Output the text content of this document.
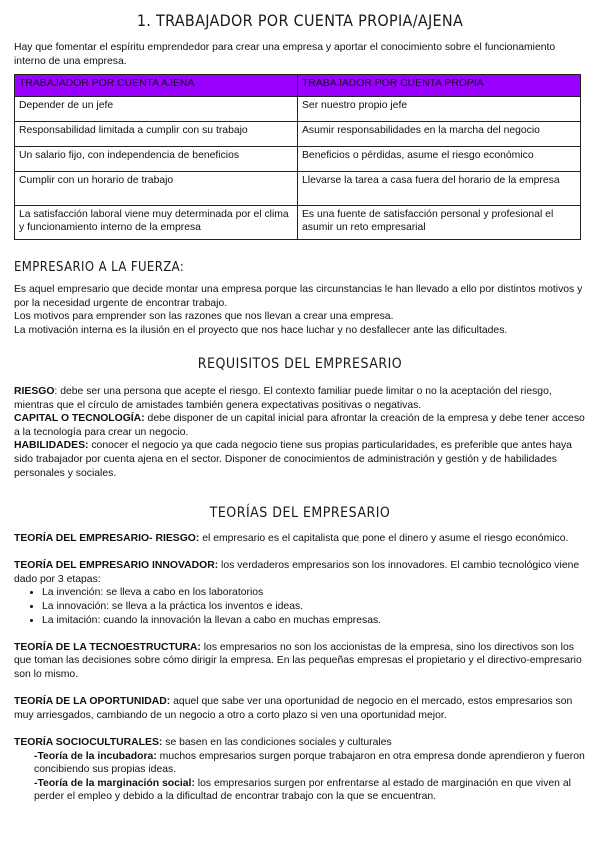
1. TRABAJADOR POR CUENTA PROPIA/AJENA

Hay que fomentar el espíritu emprendedor para crear una empresa y aportar el conocimiento sobre el funcionamiento interno de una empresa.

TRABAJADOR POR CUENTA AJENA	TRABAJADOR POR CUENTA PROPIA
Depender de un jefe	Ser nuestro propio jefe
Responsabilidad limitada a cumplir con su trabajo	Asumir responsabilidades en la marcha del negocio
Un salario fijo, con independencia de beneficios	Beneficios o pérdidas, asume el riesgo económico
Cumplir con un horario de trabajo	Llevarse la tarea a casa fuera del horario de la empresa
La satisfacción laboral viene muy determinada por el clima y funcionamiento interno de la empresa	Es una fuente de satisfacción personal y profesional el asumir un reto empresarial
EMPRESARIO A LA FUERZA:

Es aquel empresario que decide montar una empresa porque las circunstancias le han llevado a ello por distintos motivos y por la necesidad urgente de encontrar trabajo.

Los motivos para emprender son las razones que nos llevan a crear una empresa.

La motivación interna es la ilusión en el proyecto que nos hace luchar y no desfallecer ante las dificultades.

REQUISITOS DEL EMPRESARIO

RIESGO: debe ser una persona que acepte el riesgo. El contexto familiar puede limitar o no la aceptación del riesgo, mientras que el círculo de amistades también genera expectativas positivas o negativas.

CAPITAL O TECNOLOGÍA: debe disponer de un capital inicial para afrontar la creación de la empresa y debe tener acceso a la tecnología para crear un negocio.

HABILIDADES: conocer el negocio ya que cada negocio tiene sus propias particularidades, es preferible que antes haya sido trabajador por cuenta ajena en el sector. Disponer de conocimientos de administración y gestión y de habilidades personales y sociales.

TEORÍAS DEL EMPRESARIO

TEORÍA DEL EMPRESARIO- RIESGO: el empresario es el capitalista que pone el dinero y asume el riesgo económico.

TEORÍA DEL EMPRESARIO INNOVADOR: los verdaderos empresarios son los innovadores. El cambio tecnológico viene dado por 3 etapas:

• La invención: se lleva a cabo en los laboratorios
• La innovación: se lleva a la práctica los inventos e ideas.
• La imitación: cuando la innovación la llevan a cabo en muchas empresas.

TEORÍA DE LA TECNOESTRUCTURA: los empresarios no son los accionistas de la empresa, sino los directivos son los que toman las decisiones sobre cómo dirigir la empresa. En las pequeñas empresas el propietario y el directivo-empresario son lo mismo.

TEORÍA DE LA OPORTUNIDAD: aquel que sabe ver una oportunidad de negocio en el mercado, estos empresarios son muy arriesgados, cambiando de un negocio a otro a corto plazo si ven una oportunidad mejor.

TEORÍA SOCIOCULTURALES: se basen en las condiciones sociales y culturales

-Teoría de la incubadora: muchos empresarios surgen porque trabajaron en otra empresa donde aprendieron y fueron concibiendo sus propias ideas.

-Teoría de la marginación social: los empresarios surgen por enfrentarse al estado de marginación en que viven al perder el empleo y debido a la dificultad de encontrar trabajo con la que se encuentran.
